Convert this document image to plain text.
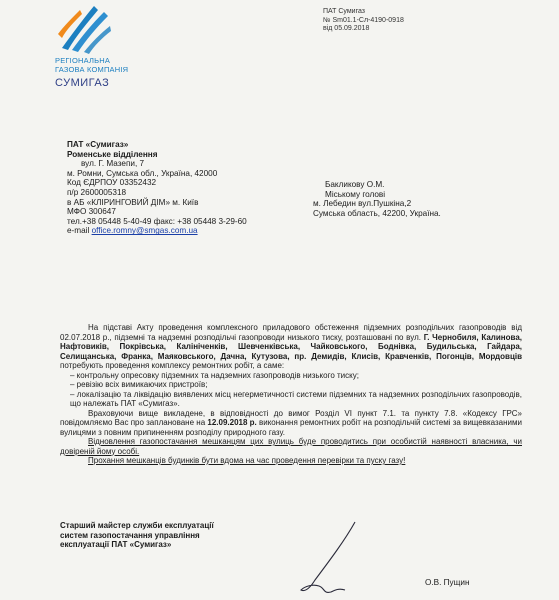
РЕГІОНАЛЬНА
ГАЗОВА КОМПАНІЯ
СУМИГАЗ
ПАТ Сумигаз
№ Sm01.1-Сл-4190-0918
від 05.09.2018
ПАТ «Сумигаз»
Роменське відділення
вул. Г. Мазепи, 7
м. Ромни, Сумська обл., Україна, 42000
Код ЄДРПОУ 03352432
п/р 2600005318
в АБ «КЛІРИНГОВИЙ ДІМ» м. Київ
МФО 300647
тел.+38 05448 5-40-49 факс: +38 05448 3-29-60
e-mail office.romny@smgas.com.ua
Бакликову О.М.
Міському голові
м. Лебедин вул.Пушкіна,2
Сумська область, 42200, Україна.

На підставі Акту проведення комплексного приладового обстеження підземних розподільчих газопроводів від 02.07.2018 р., підземні та надземні розподільчі газопроводи низького тиску, розташовані по вул. Г. Чернобиля, Калинова, Нафтовиків, Покрівська, Калініченків, Шевченківська, Чайковського, Боднівка, Будильська, Гайдара, Селищанська, Франка, Маяковського, Дачна, Кутузова, пр. Демидів, Клисів, Кравченків, Погонців, Мордовців потребують проведення комплексу ремонтних робіт, а саме:

– контрольну опресовку підземних та надземних газопроводів низького тиску;

– ревізію всіх вимикаючих пристроїв;

– локалізацію та ліквідацію виявлених місц негерметичності системи підземних та надземних розподільчих газопроводів, що належать ПАТ «Сумигаз».

Враховуючи вище викладене, в відповідності до вимог Розділ VI пункт 7.1. та пункту 7.8. «Кодексу ГРС» повідомляємо Вас про заплановане на 12.09.2018 р. виконання ремонтних робіт на розподільчій системі за вищевказаними вулицями з повним припиненням розподілу природного газу.

Відновлення газопостачання мешканцям цих вулиць буде проводитись при особистій наявності власника, чи довіреній йому особі.

Прохання мешканців будинків бути вдома на час проведення перевірки та пуску газу!

Старший майстер служби експлуатації
систем газопостачання управління
експлуатації ПАТ «Сумигаз»
О.В. Пущин
